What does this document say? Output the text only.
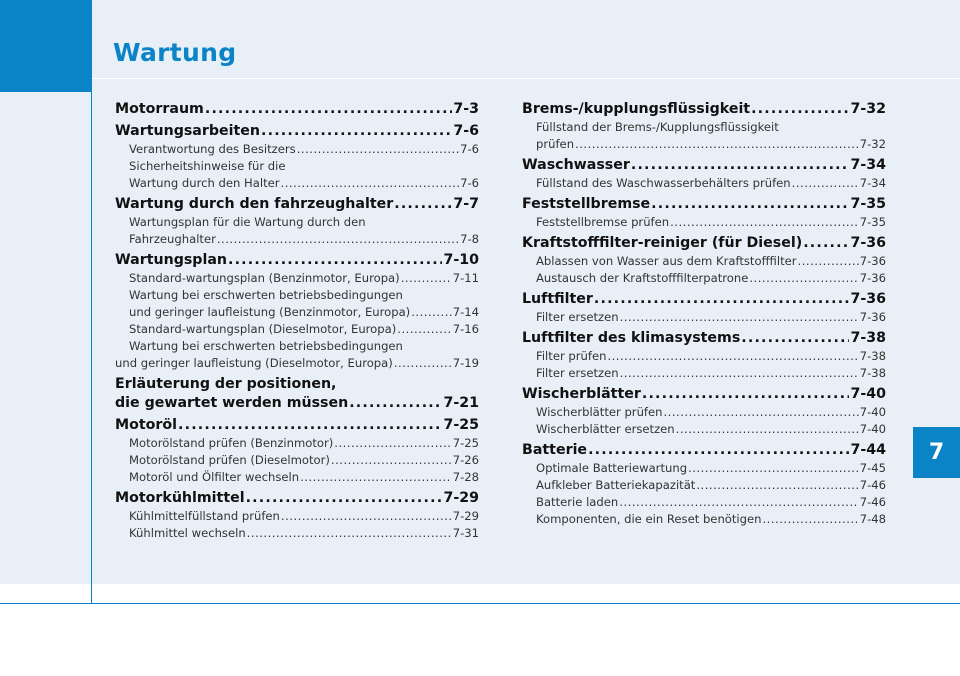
Wartung
7
Motorraum .....	7-3
Wartungsarbeiten .....	7-6
Verantwortung des Besitzers .....	7-6
Sicherheitshinweise für die
Wartung durch den Halter .....	7-6
Wartung durch den fahrzeughalter .....	7-7
Wartungsplan für die Wartung durch den
Fahrzeughalter .....	7-8
Wartungsplan .....	7-10
Standard-wartungsplan (Benzinmotor, Europa) .....	7-11
Wartung bei erschwerten betriebsbedingungen
und geringer laufleistung (Benzinmotor, Europa) .....	7-14
Standard-wartungsplan (Dieselmotor, Europa) .....	7-16
Wartung bei erschwerten betriebsbedingungen
und geringer laufleistung (Dieselmotor, Europa) .....	7-19
Erläuterung der positionen,
die gewartet werden müssen .....	7-21
Motoröl .....	7-25
Motorölstand prüfen (Benzinmotor) .....	7-25
Motorölstand prüfen (Dieselmotor) .....	7-26
Motoröl und Ölfilter wechseln .....	7-28
Motorkühlmittel .....	7-29
Kühlmittelfüllstand prüfen .....	7-29
Kühlmittel wechseln .....	7-31
Brems-/kupplungsflüssigkeit .....	7-32
Füllstand der Brems-/Kupplungsflüssigkeit
prüfen .....	7-32
Waschwasser .....	7-34
Füllstand des Waschwasserbehälters prüfen .....	7-34
Feststellbremse .....	7-35
Feststellbremse prüfen .....	7-35
Kraftstofffilter-reiniger (für Diesel) .....	7-36
Ablassen von Wasser aus dem Kraftstofffilter .....	7-36
Austausch der Kraftstofffilterpatrone .....	7-36
Luftfilter .....	7-36
Filter ersetzen .....	7-36
Luftfilter des klimasystems .....	7-38
Filter prüfen .....	7-38
Filter ersetzen .....	7-38
Wischerblätter .....	7-40
Wischerblätter prüfen .....	7-40
Wischerblätter ersetzen .....	7-40
Batterie .....	7-44
Optimale Batteriewartung .....	7-45
Aufkleber Batteriekapazität .....	7-46
Batterie laden .....	7-46
Komponenten, die ein Reset benötigen .....	7-48
